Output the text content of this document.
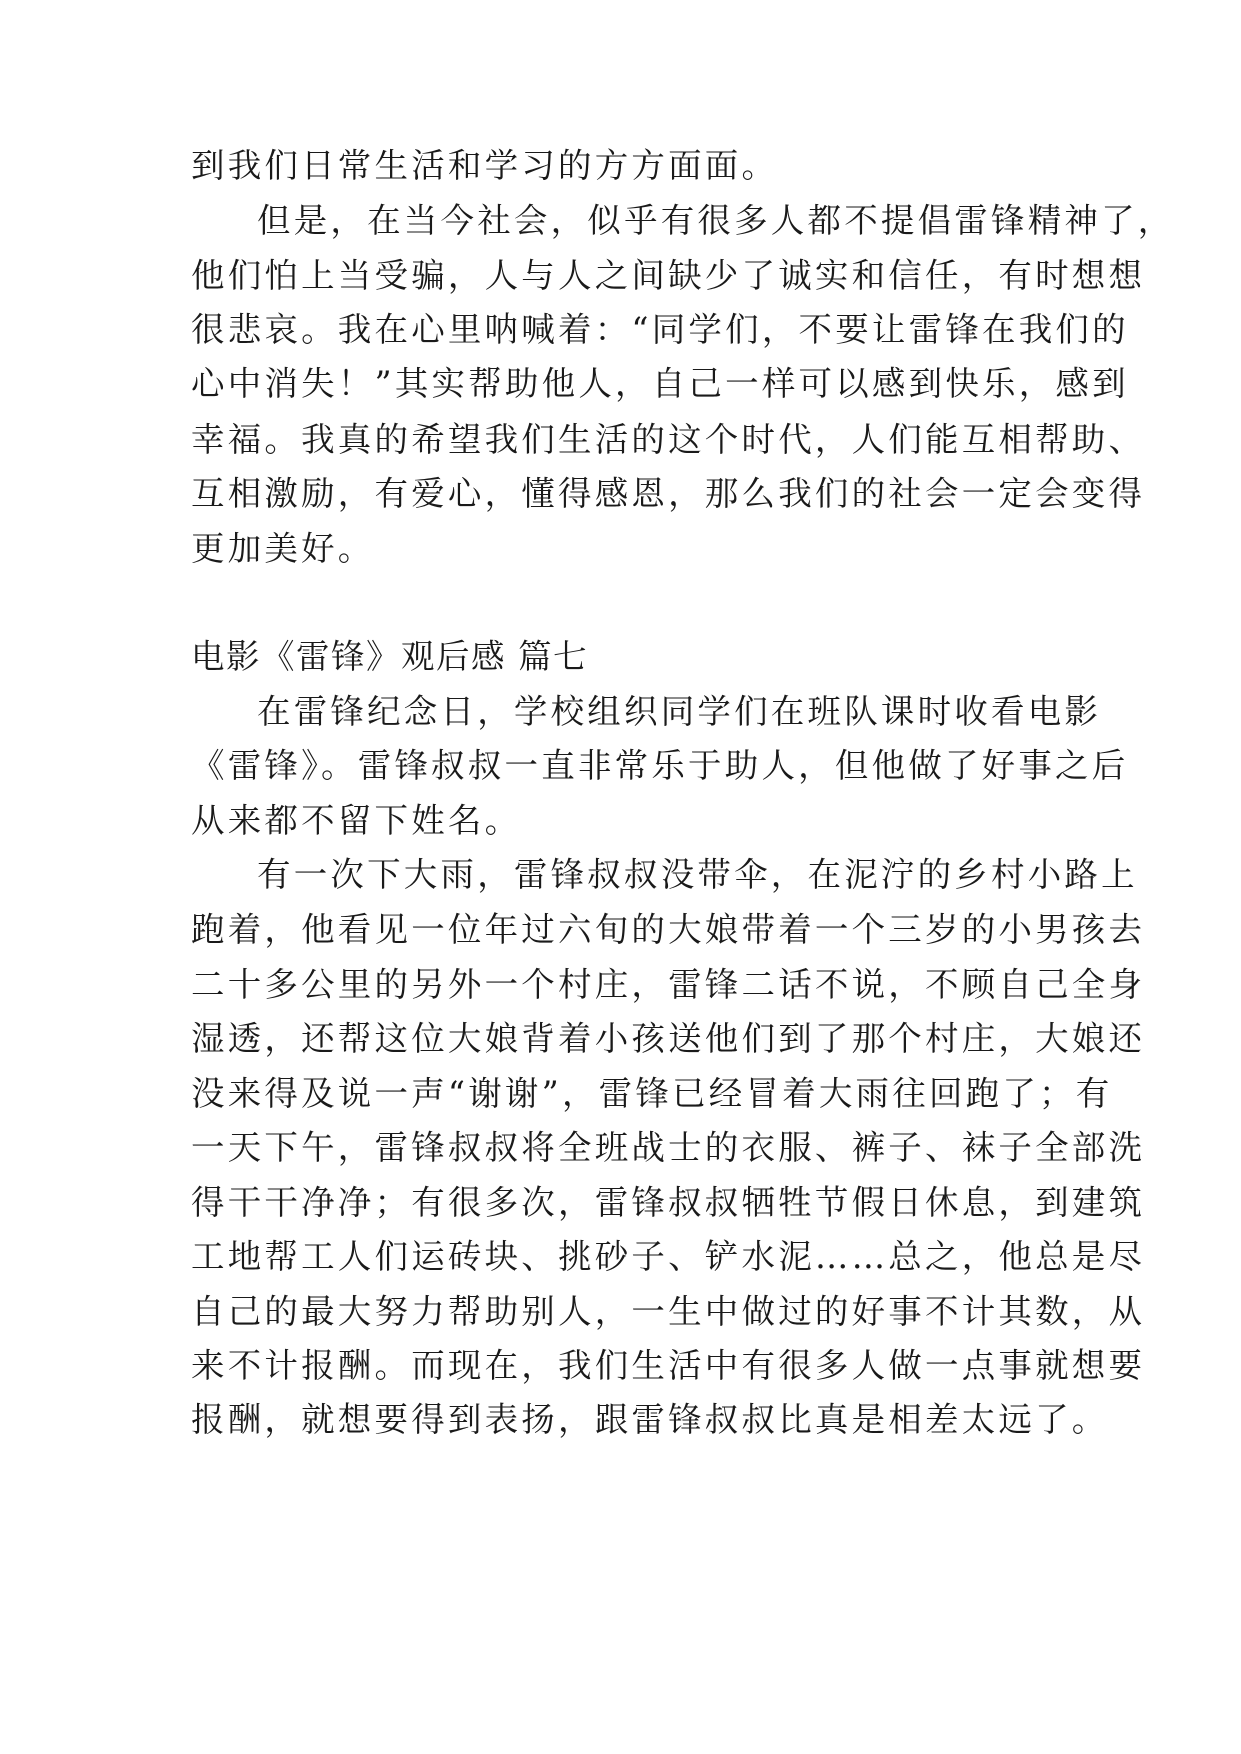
到我们日常生活和学习的方方面面。
但是，在当今社会，似乎有很多人都不提倡雷锋精神了，
他们怕上当受骗，人与人之间缺少了诚实和信任，有时想想
很悲哀。我在心里呐喊着：“同学们，不要让雷锋在我们的
心中消失！”其实帮助他人，自己一样可以感到快乐，感到
幸福。我真的希望我们生活的这个时代，人们能互相帮助、
互相激励，有爱心，懂得感恩，那么我们的社会一定会变得
更加美好。
电影《雷锋》观后感 篇七
在雷锋纪念日，学校组织同学们在班队课时收看电影
《雷锋》。雷锋叔叔一直非常乐于助人，但他做了好事之后
从来都不留下姓名。
有一次下大雨，雷锋叔叔没带伞，在泥泞的乡村小路上
跑着，他看见一位年过六旬的大娘带着一个三岁的小男孩去
二十多公里的另外一个村庄，雷锋二话不说，不顾自己全身
湿透，还帮这位大娘背着小孩送他们到了那个村庄，大娘还
没来得及说一声“谢谢”，雷锋已经冒着大雨往回跑了；有
一天下午，雷锋叔叔将全班战士的衣服、裤子、袜子全部洗
得干干净净；有很多次，雷锋叔叔牺牲节假日休息，到建筑
工地帮工人们运砖块、挑砂子、铲水泥……总之，他总是尽
自己的最大努力帮助别人，一生中做过的好事不计其数，从
来不计报酬。而现在，我们生活中有很多人做一点事就想要
报酬，就想要得到表扬，跟雷锋叔叔比真是相差太远了。
